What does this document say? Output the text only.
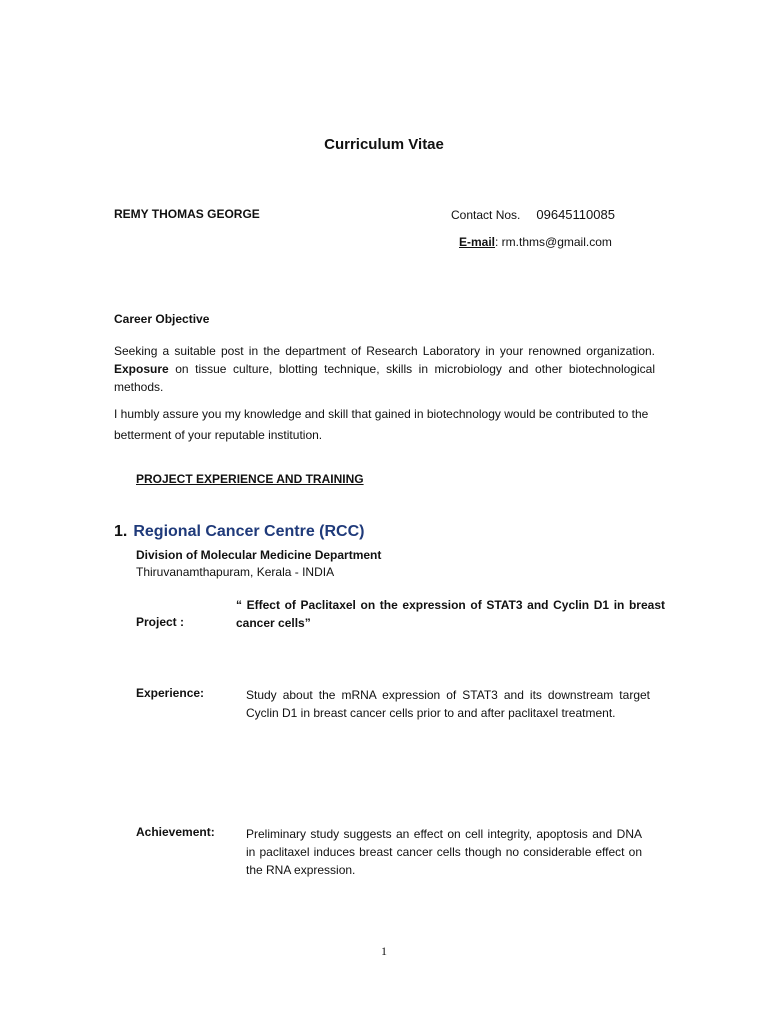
Curriculum Vitae
REMY THOMAS GEORGE	Contact Nos. 09645110085
E-mail: rm.thms@gmail.com
Career Objective
Seeking a suitable post in the department of Research Laboratory in your renowned organization. Exposure on tissue culture, blotting technique, skills in microbiology and other biotechnological methods.
I humbly assure you my knowledge and skill that gained in biotechnology would be contributed to the betterment of your reputable institution.
PROJECT EXPERIENCE AND TRAINING
1. Regional Cancer Centre (RCC)
Division of Molecular Medicine Department
Thiruvanamthapuram, Kerala - INDIA
Project :
“ Effect of Paclitaxel on the expression of STAT3 and Cyclin D1 in breast cancer cells”
Experience:	Study about the mRNA expression of STAT3 and its downstream target Cyclin D1 in breast cancer cells prior to and after paclitaxel treatment.
Achievement:	Preliminary study suggests an effect on cell integrity, apoptosis and DNA in paclitaxel induces breast cancer cells though no considerable effect on the RNA expression.
1
